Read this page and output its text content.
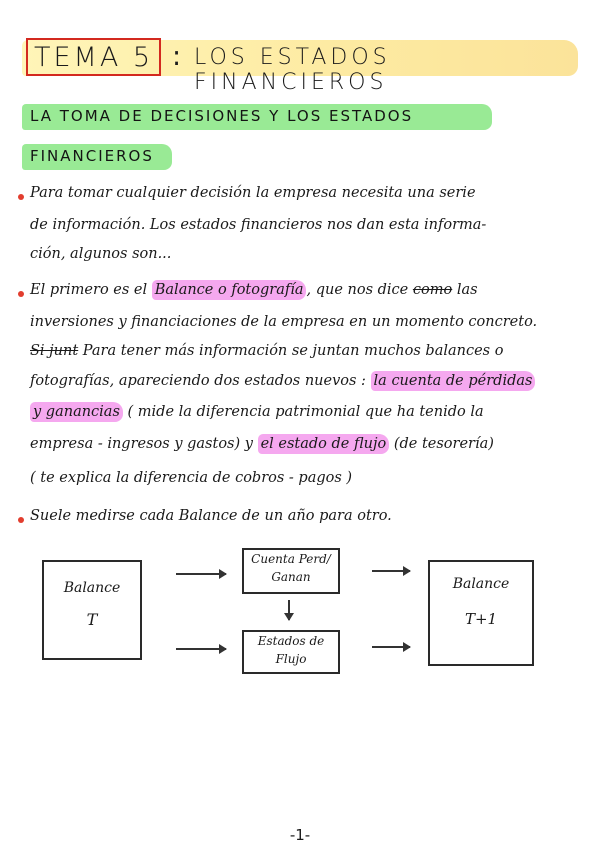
TEMA 5 : LOS ESTADOS FINANCIEROS
LA TOMA DE DECISIONES Y LOS ESTADOS
FINANCIEROS
Para tomar cualquier decisión la empresa necesita una serie
de información. Los estados financieros nos dan esta informa-
ción, algunos son...
El primero es el Balance o fotografía , que nos dice como las
inversiones y financiaciones de la empresa en un momento concreto.
Si junt Para tener más información se juntan muchos balances o
fotografías, apareciendo dos estados nuevos : la cuenta de pérdidas
y ganancias ( mide la diferencia patrimonial que ha tenido la
empresa - ingresos y gastos) y el estado de flujo (de tesorería)
( te explica la diferencia de cobros - pagos )
Suele medirse cada Balance de un año para otro.
Balance
T
Cuenta Perd/
Ganan
Estados de
Flujo
Balance
T+1
-1-
